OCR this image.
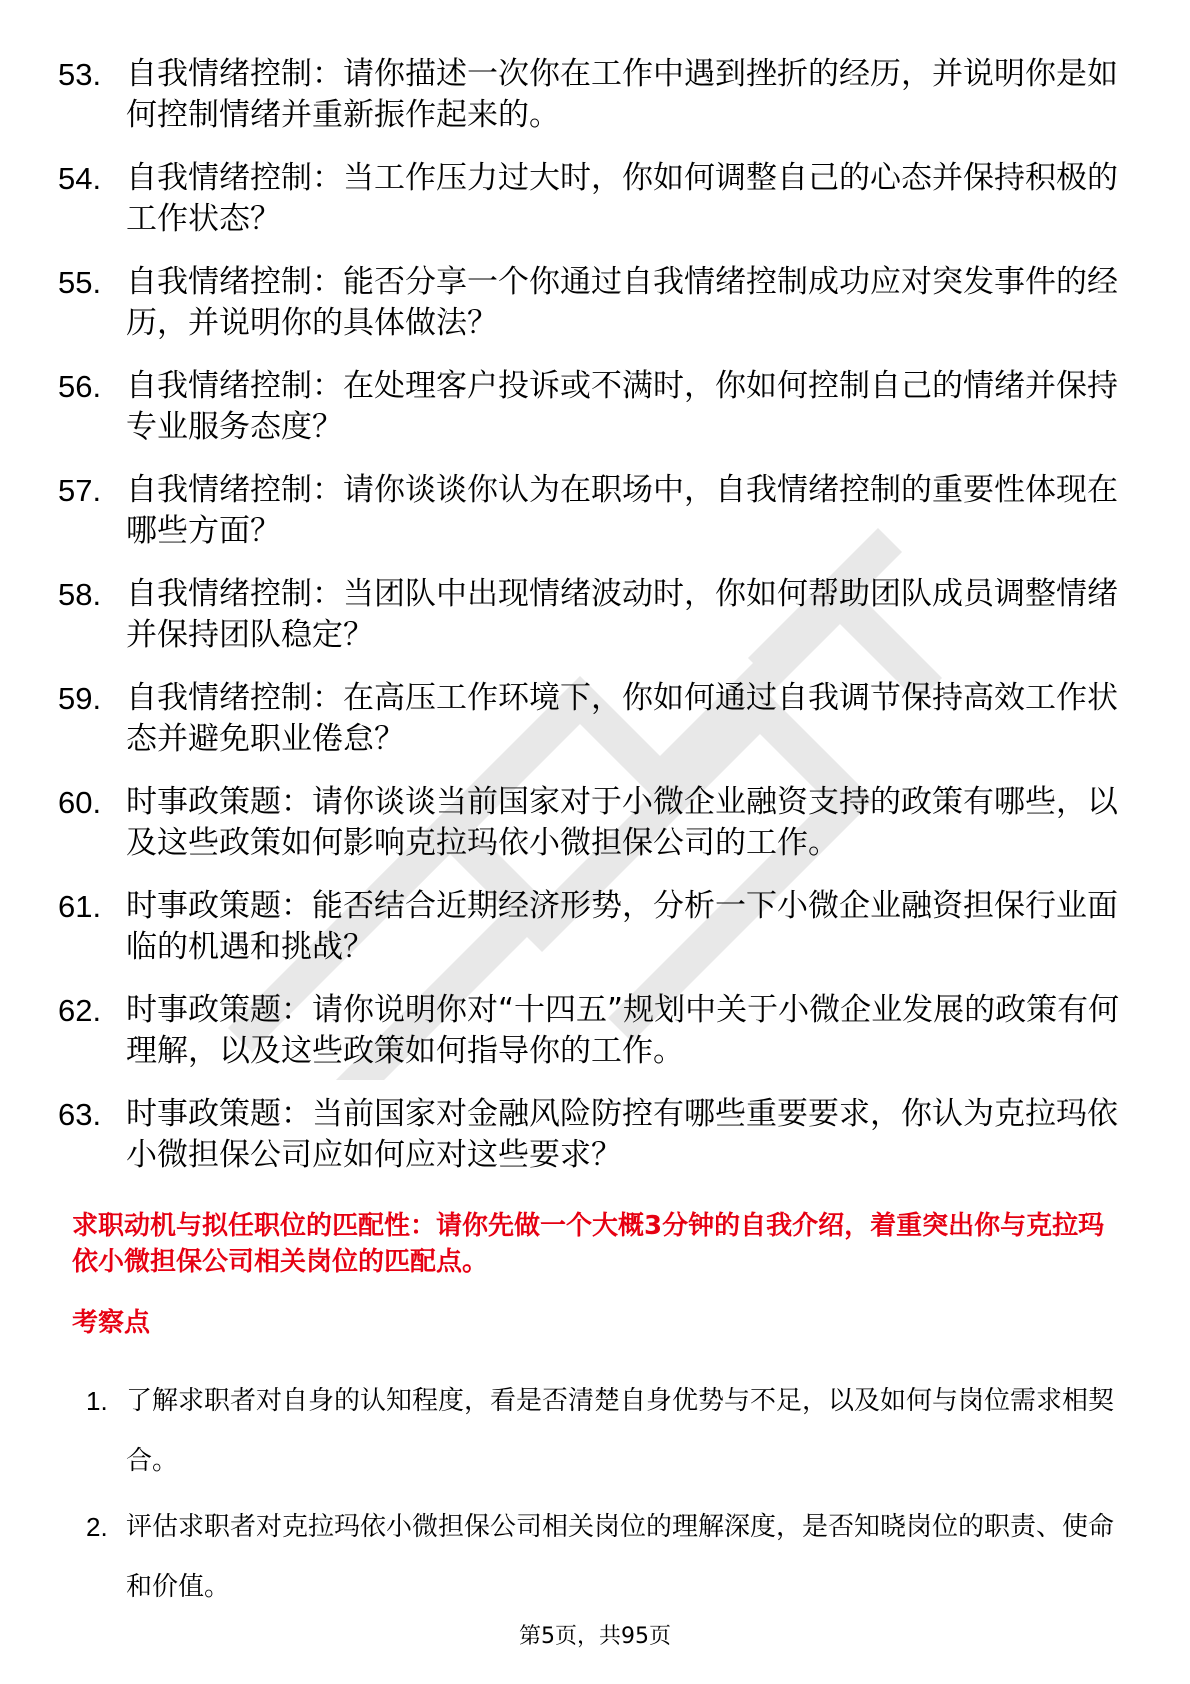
53. 自我情绪控制：请你描述一次你在工作中遇到挫折的经历，并说明你是如何控制情绪并重新振作起来的。
54. 自我情绪控制：当工作压力过大时，你如何调整自己的心态并保持积极的工作状态？
55. 自我情绪控制：能否分享一个你通过自我情绪控制成功应对突发事件的经历，并说明你的具体做法？
56. 自我情绪控制：在处理客户投诉或不满时，你如何控制自己的情绪并保持专业服务态度？
57. 自我情绪控制：请你谈谈你认为在职场中，自我情绪控制的重要性体现在哪些方面？
58. 自我情绪控制：当团队中出现情绪波动时，你如何帮助团队成员调整情绪并保持团队稳定？
59. 自我情绪控制：在高压工作环境下，你如何通过自我调节保持高效工作状态并避免职业倦怠？
60. 时事政策题：请你谈谈当前国家对于小微企业融资支持的政策有哪些，以及这些政策如何影响克拉玛依小微担保公司的工作。
61. 时事政策题：能否结合近期经济形势，分析一下小微企业融资担保行业面临的机遇和挑战？
62. 时事政策题：请你说明你对“十四五”规划中关于小微企业发展的政策有何理解，以及这些政策如何指导你的工作。
63. 时事政策题：当前国家对金融风险防控有哪些重要要求，你认为克拉玛依小微担保公司应如何应对这些要求？
求职动机与拟任职位的匹配性：请你先做一个大概3分钟的自我介绍，着重突出你与克拉玛依小微担保公司相关岗位的匹配点。
考察点
1. 了解求职者对自身的认知程度，看是否清楚自身优势与不足，以及如何与岗位需求相契合。
2. 评估求职者对克拉玛依小微担保公司相关岗位的理解深度，是否知晓岗位的职责、使命和价值。
第5页，共95页
